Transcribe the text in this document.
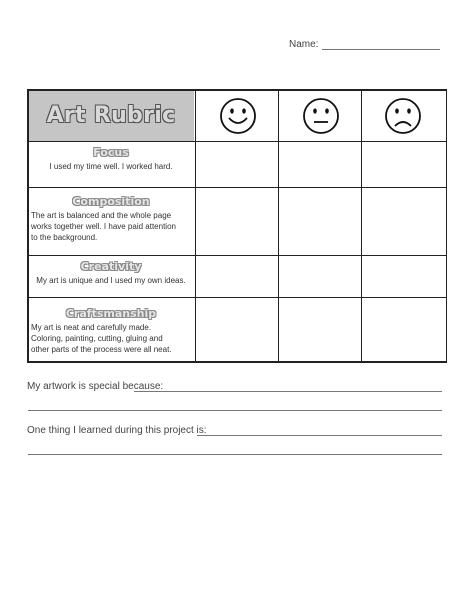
Name:
Art Rubric
Focus
I used my time well. I worked hard.
Composition
The art is balanced and the whole page
works together well. I have paid attention
to the background.
Creativity
My art is unique and I used my own ideas.
Craftsmanship
My art is neat and carefully made.
Coloring, painting, cutting, gluing and
other parts of the process were all neat.
My artwork is special because:
One thing I learned during this project is:
